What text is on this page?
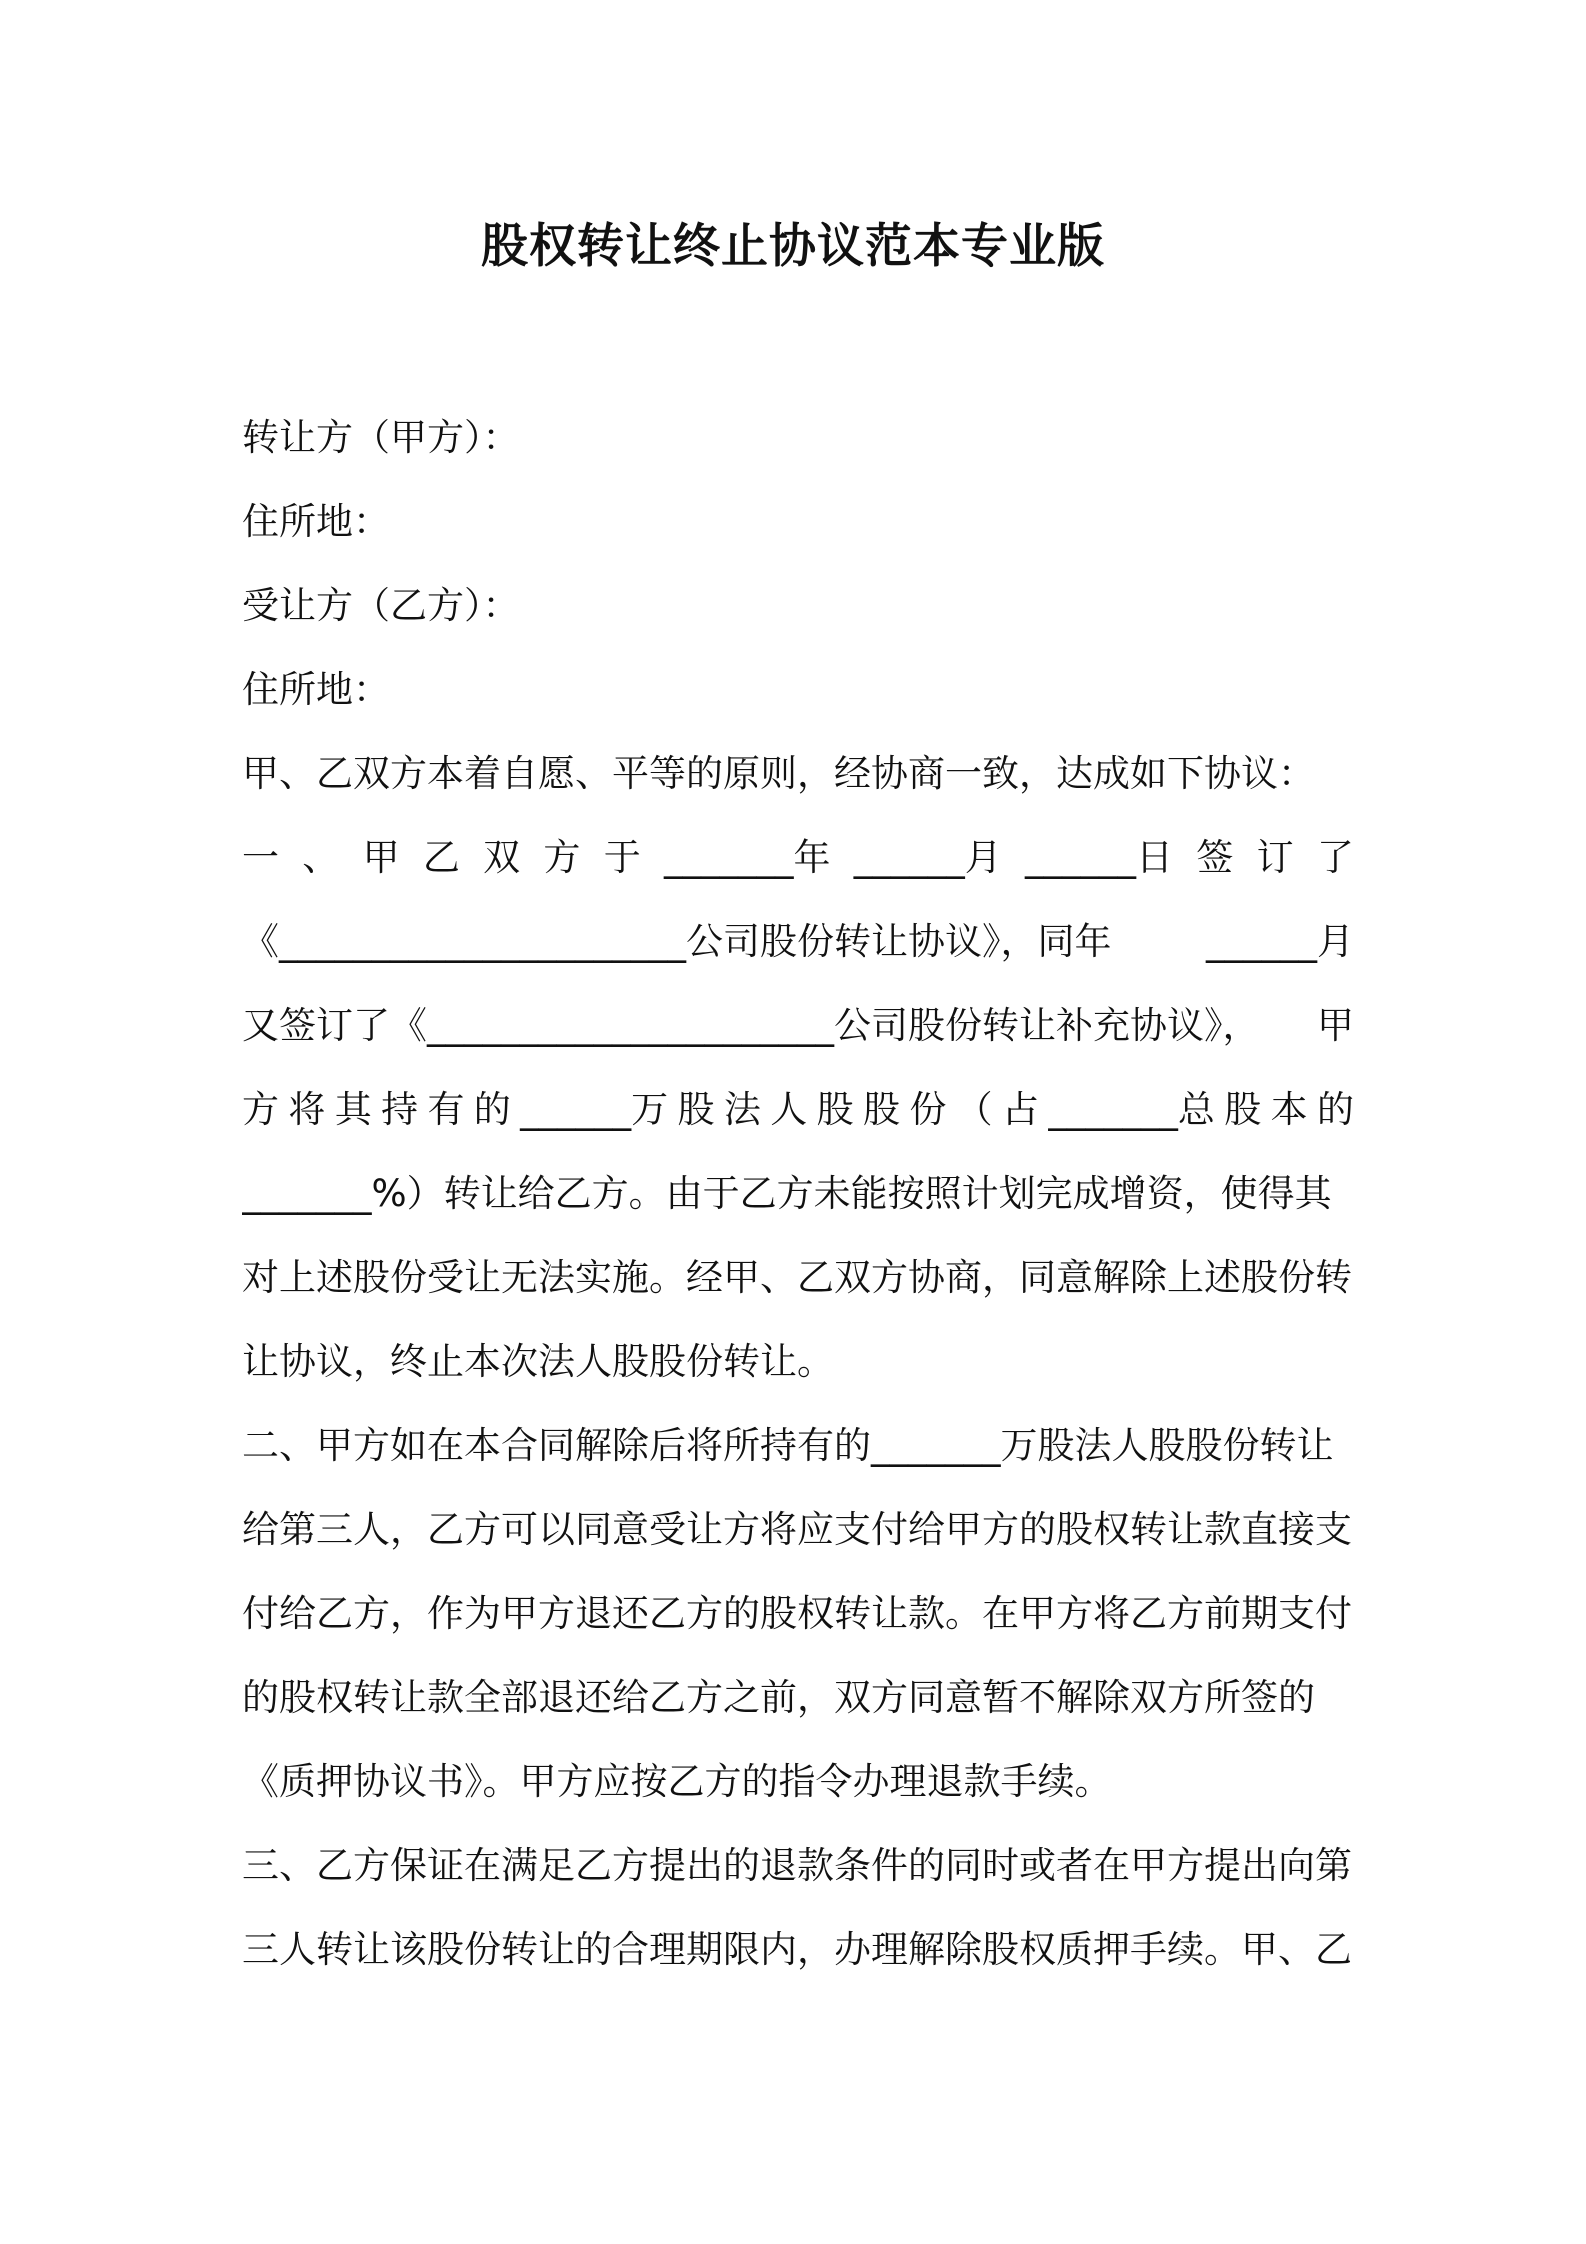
股权转让终止协议范本专业版
转让方（甲方）：
住所地：
受让方（乙方）：
住所地：
甲、乙双方本着自愿、平等的原则，经协商一致，达成如下协议：
一 、 甲 乙 双 方 于 _______年 ______月 ______日 签 订 了
《______________________公司股份转让协议》，同年	______月
又签订了《______________________公司股份转让补充协议》， 甲
方 将 其 持 有 的 ______万 股 法 人 股 股 份 （ 占 _______总 股 本 的
_______%）转让给乙方。由于乙方未能按照计划完成增资，使得其
对上述股份受让无法实施。经甲、乙双方协商，同意解除上述股份转
让协议，终止本次法人股股份转让。
二、甲方如在本合同解除后将所持有的_______万股法人股股份转让
给第三人，乙方可以同意受让方将应支付给甲方的股权转让款直接支
付给乙方，作为甲方退还乙方的股权转让款。在甲方将乙方前期支付
的股权转让款全部退还给乙方之前，双方同意暂不解除双方所签的
《质押协议书》。甲方应按乙方的指令办理退款手续。
三、乙方保证在满足乙方提出的退款条件的同时或者在甲方提出向第
三人转让该股份转让的合理期限内，办理解除股权质押手续。甲、乙
